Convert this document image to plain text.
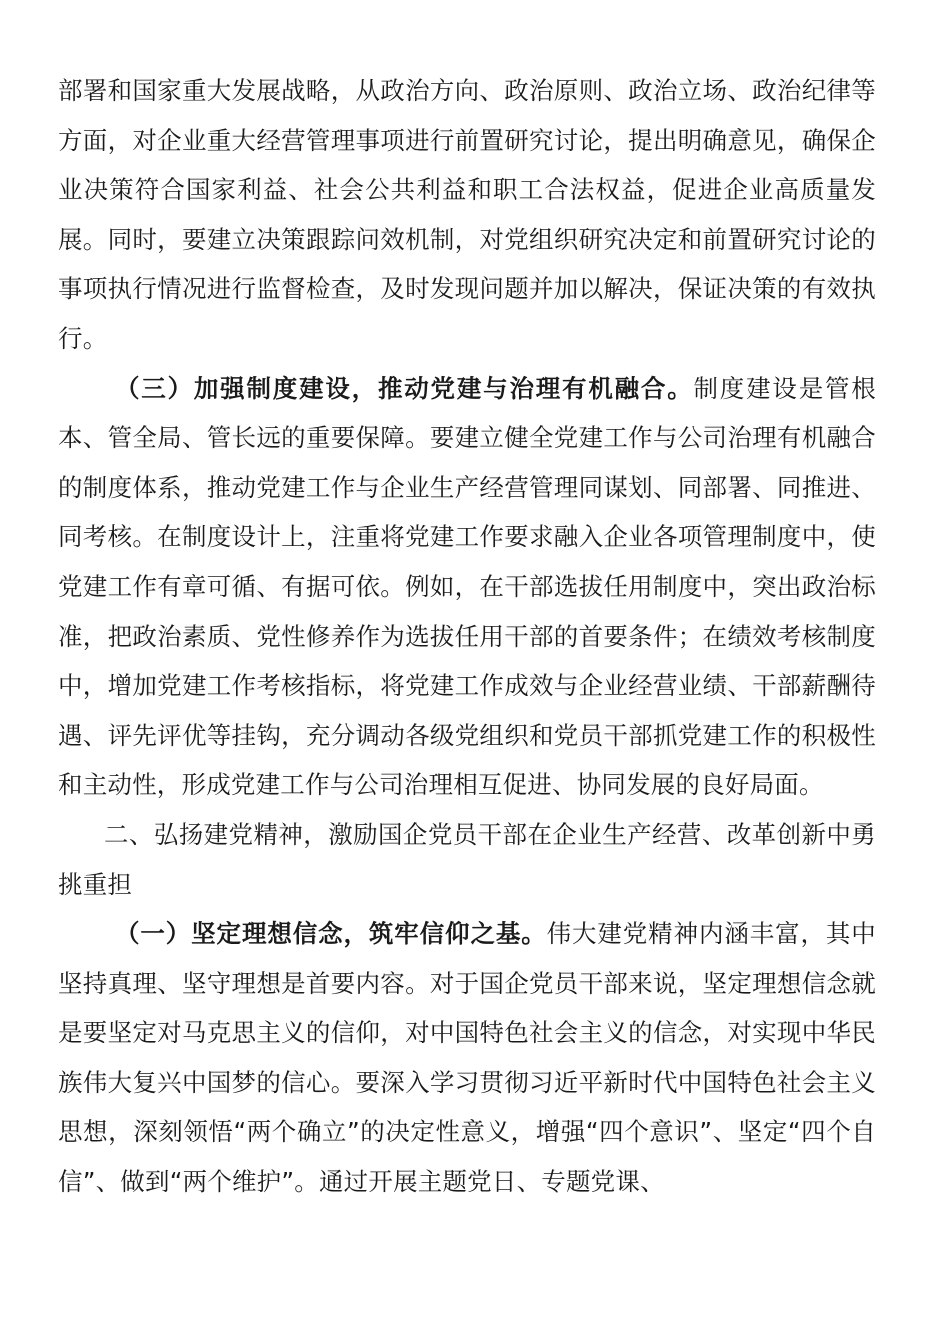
部署和国家重大发展战略，从政治方向、政治原则、政治立场、政治纪律等方面，对企业重大经营管理事项进行前置研究讨论，提出明确意见，确保企业决策符合国家利益、社会公共利益和职工合法权益，促进企业高质量发展。同时，要建立决策跟踪问效机制，对党组织研究决定和前置研究讨论的事项执行情况进行监督检查，及时发现问题并加以解决，保证决策的有效执行。

（三）加强制度建设，推动党建与治理有机融合。制度建设是管根本、管全局、管长远的重要保障。要建立健全党建工作与公司治理有机融合的制度体系，推动党建工作与企业生产经营管理同谋划、同部署、同推进、同考核。在制度设计上，注重将党建工作要求融入企业各项管理制度中，使党建工作有章可循、有据可依。例如，在干部选拔任用制度中，突出政治标准，把政治素质、党性修养作为选拔任用干部的首要条件；在绩效考核制度中，增加党建工作考核指标，将党建工作成效与企业经营业绩、干部薪酬待遇、评先评优等挂钩，充分调动各级党组织和党员干部抓党建工作的积极性和主动性，形成党建工作与公司治理相互促进、协同发展的良好局面。

二、弘扬建党精神，激励国企党员干部在企业生产经营、改革创新中勇挑重担

（一）坚定理想信念，筑牢信仰之基。伟大建党精神内涵丰富，其中坚持真理、坚守理想是首要内容。对于国企党员干部来说，坚定理想信念就是要坚定对马克思主义的信仰，对中国特色社会主义的信念，对实现中华民族伟大复兴中国梦的信心。要深入学习贯彻习近平新时代中国特色社会主义思想，深刻领悟“两个确立”的决定性意义，增强“四个意识”、坚定“四个自信”、做到“两个维护”。通过开展主题党日、专题党课、
